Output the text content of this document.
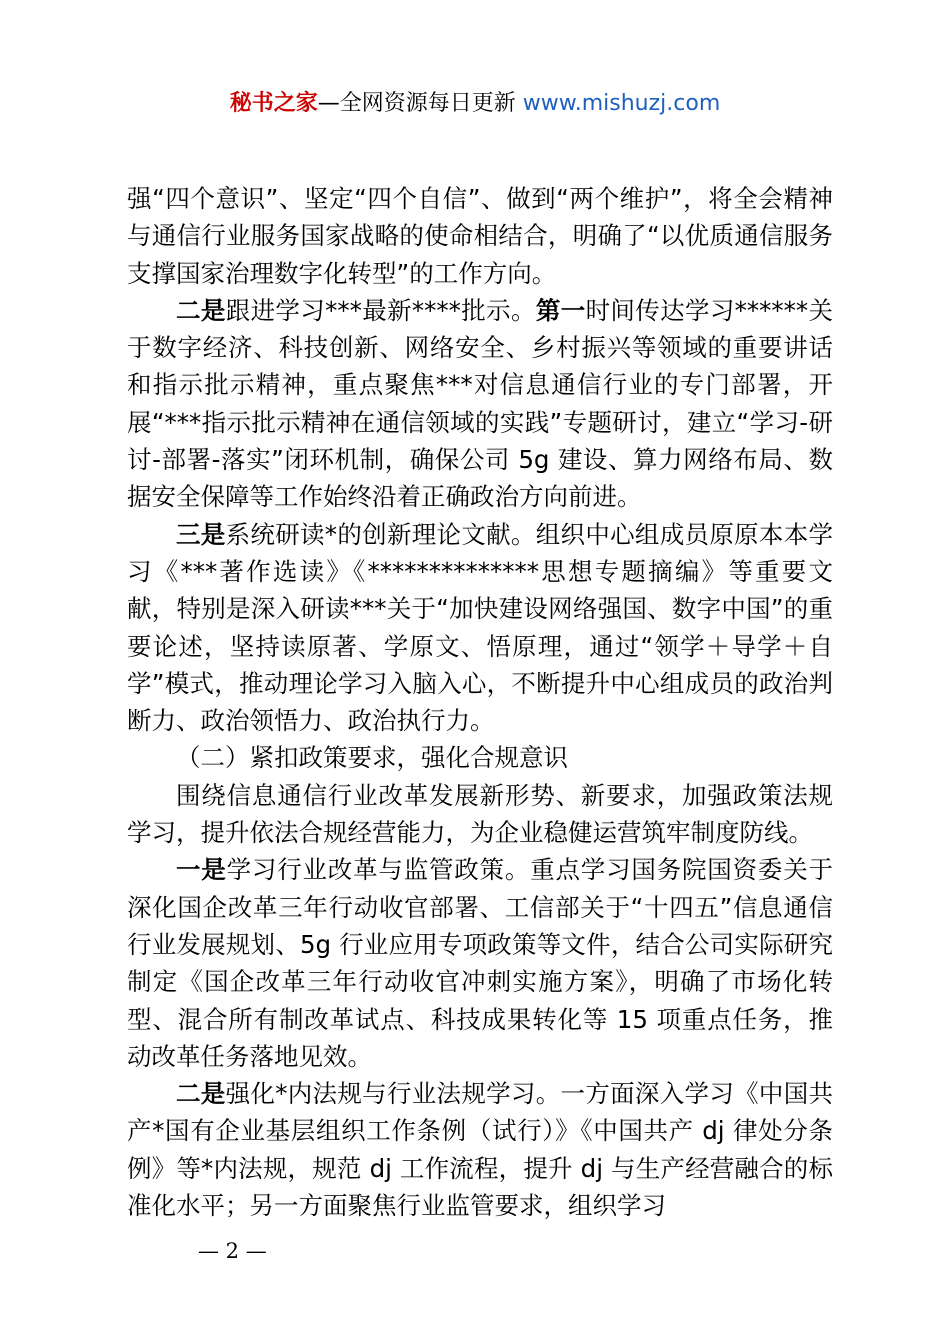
秘书之家—全网资源每日更新 www.mishuzj.com

强“四个意识”、坚定“四个自信”、做到“两个维护”，将全会精神与通信行业服务国家战略的使命相结合，明确了“以优质通信服务支撑国家治理数字化转型”的工作方向。

二是跟进学习***最新****批示。第一时间传达学习******关于数字经济、科技创新、网络安全、乡村振兴等领域的重要讲话和指示批示精神，重点聚焦***对信息通信行业的专门部署，开展“***指示批示精神在通信领域的实践”专题研讨，建立“学习-研讨-部署-落实”闭环机制，确保公司 5g 建设、算力网络布局、数据安全保障等工作始终沿着正确政治方向前进。

三是系统研读*的创新理论文献。组织中心组成员原原本本学习《***著作选读》《**************思想专题摘编》等重要文献，特别是深入研读***关于“加快建设网络强国、数字中国”的重要论述，坚持读原著、学原文、悟原理，通过“领学＋导学＋自学”模式，推动理论学习入脑入心，不断提升中心组成员的政治判断力、政治领悟力、政治执行力。

（二）紧扣政策要求，强化合规意识

围绕信息通信行业改革发展新形势、新要求，加强政策法规学习，提升依法合规经营能力，为企业稳健运营筑牢制度防线。

一是学习行业改革与监管政策。重点学习国务院国资委关于深化国企改革三年行动收官部署、工信部关于“十四五”信息通信行业发展规划、5g 行业应用专项政策等文件，结合公司实际研究制定《国企改革三年行动收官冲刺实施方案》，明确了市场化转型、混合所有制改革试点、科技成果转化等 15 项重点任务，推动改革任务落地见效。

二是强化*内法规与行业法规学习。一方面深入学习《中国共产*国有企业基层组织工作条例（试行）》《中国共产 dj 律处分条例》等*内法规，规范 dj 工作流程，提升 dj 与生产经营融合的标准化水平；另一方面聚焦行业监管要求，组织学习

— 2 —
